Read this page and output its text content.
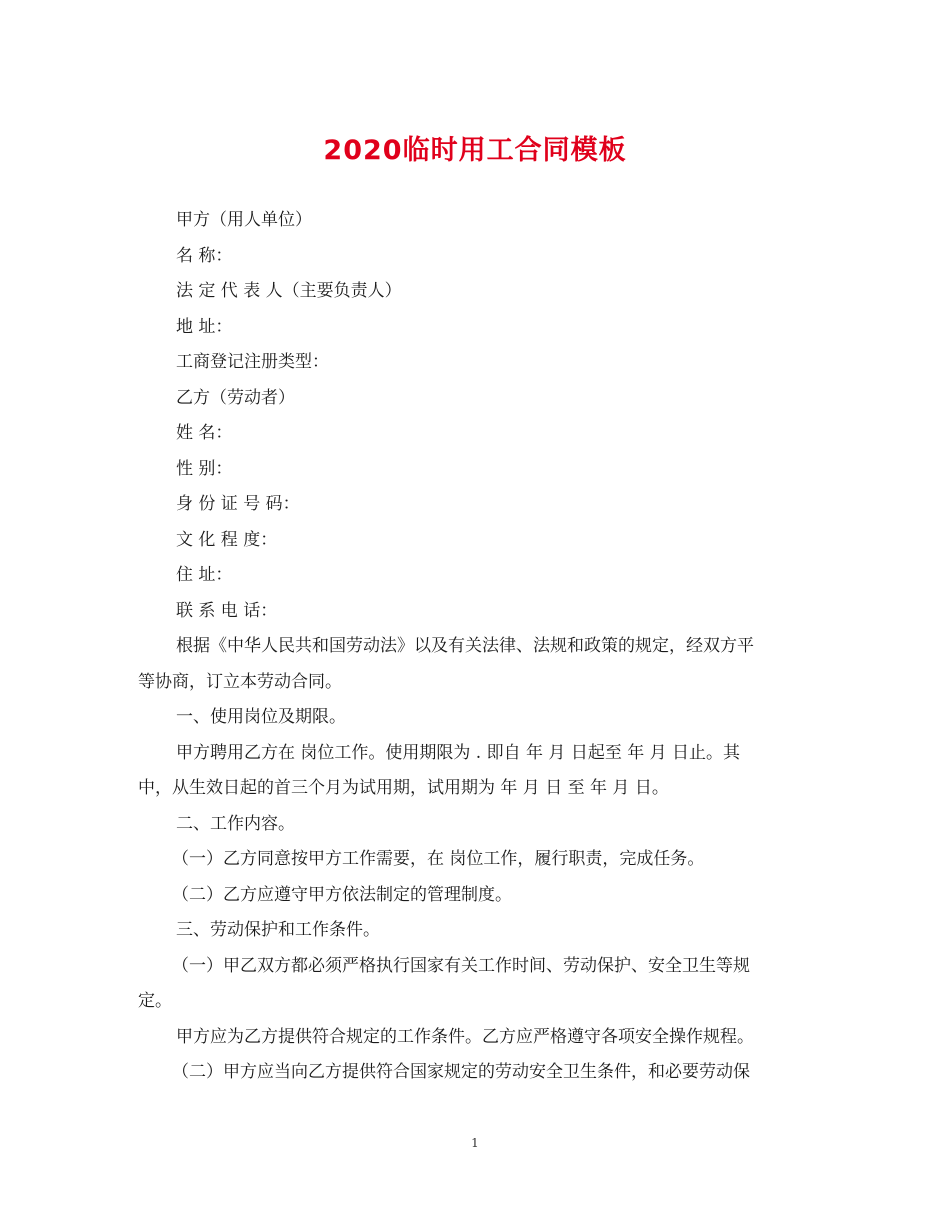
2020临时用工合同模板
甲方（用人单位）
名 称：
法 定 代 表 人（主要负责人）
地 址：
工商登记注册类型：
乙方（劳动者）
姓 名：
性 别：
身 份 证 号 码：
文 化 程 度：
住 址：
联 系 电 话：
根据《中华人民共和国劳动法》以及有关法律、法规和政策的规定，经双方平
等协商，订立本劳动合同。
一、使用岗位及期限。
甲方聘用乙方在 岗位工作。使用期限为 . 即自 年 月 日起至 年 月 日止。其
中，从生效日起的首三个月为试用期，试用期为 年 月 日 至 年 月 日。
二、工作内容。
（一）乙方同意按甲方工作需要，在 岗位工作，履行职责，完成任务。
（二）乙方应遵守甲方依法制定的管理制度。
三、劳动保护和工作条件。
（一）甲乙双方都必须严格执行国家有关工作时间、劳动保护、安全卫生等规
定。
甲方应为乙方提供符合规定的工作条件。乙方应严格遵守各项安全操作规程。
（二）甲方应当向乙方提供符合国家规定的劳动安全卫生条件，和必要劳动保
1
